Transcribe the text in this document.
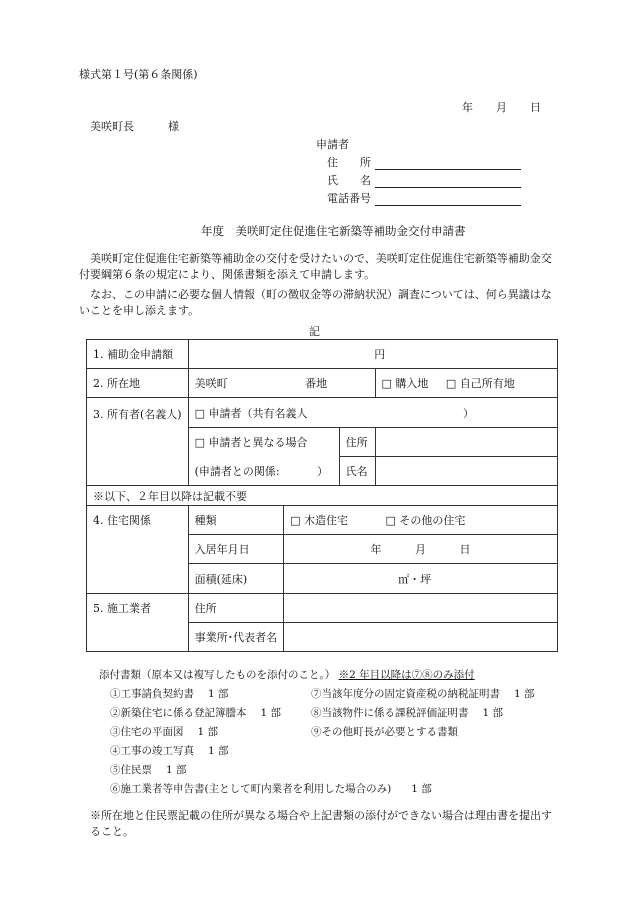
様式第１号(第６条関係)
年 月 日
美咲町長	様
申請者
住　　所
氏　　名
電話番号
年度　美咲町定住促進住宅新築等補助金交付申請書
美咲町定住促進住宅新築等補助金の交付を受けたいので、美咲町定住促進住宅新築等補助金交付要綱第６条の規定により、関係書類を添えて申請します。
なお、この申請に必要な個人情報（町の徴収金等の滞納状況）調査については、何ら異議はないことを申し添えます。
記
1. 補助金申請額	円			
2. 所在地	美咲町 番地			□ 購入地 □ 自己所有地
3. 所有者(名義人)	□ 申請者（共有名義人 ）			
	□ 申請者と異なる場合		住所	
	(申請者との関係: ）		氏名	
※以下、２年目以降は記載不要				
4. 住宅関係	種類	□ 木造住宅 □ その他の住宅		
	入居年月日	年 月 日		
	面積(延床)	㎡・坪		
5. 施工業者	住所			
	事業所･代表者名			
添付書類（原本又は複写したものを添付のこと。） ※2 年目以降は⑦⑧のみ添付
①工事請負契約書 1 部
②新築住宅に係る登記簿謄本 1 部
③住宅の平面図 1 部
④工事の竣工写真 1 部
⑤住民票 1 部
⑥施工業者等申告書(主として町内業者を利用した場合のみ) 1 部
⑦当該年度分の固定資産税の納税証明書 1 部
⑧当該物件に係る課税評価証明書 1 部
⑨その他町長が必要とする書類
※所在地と住民票記載の住所が異なる場合や上記書類の添付ができない場合は理由書を提出すること。
